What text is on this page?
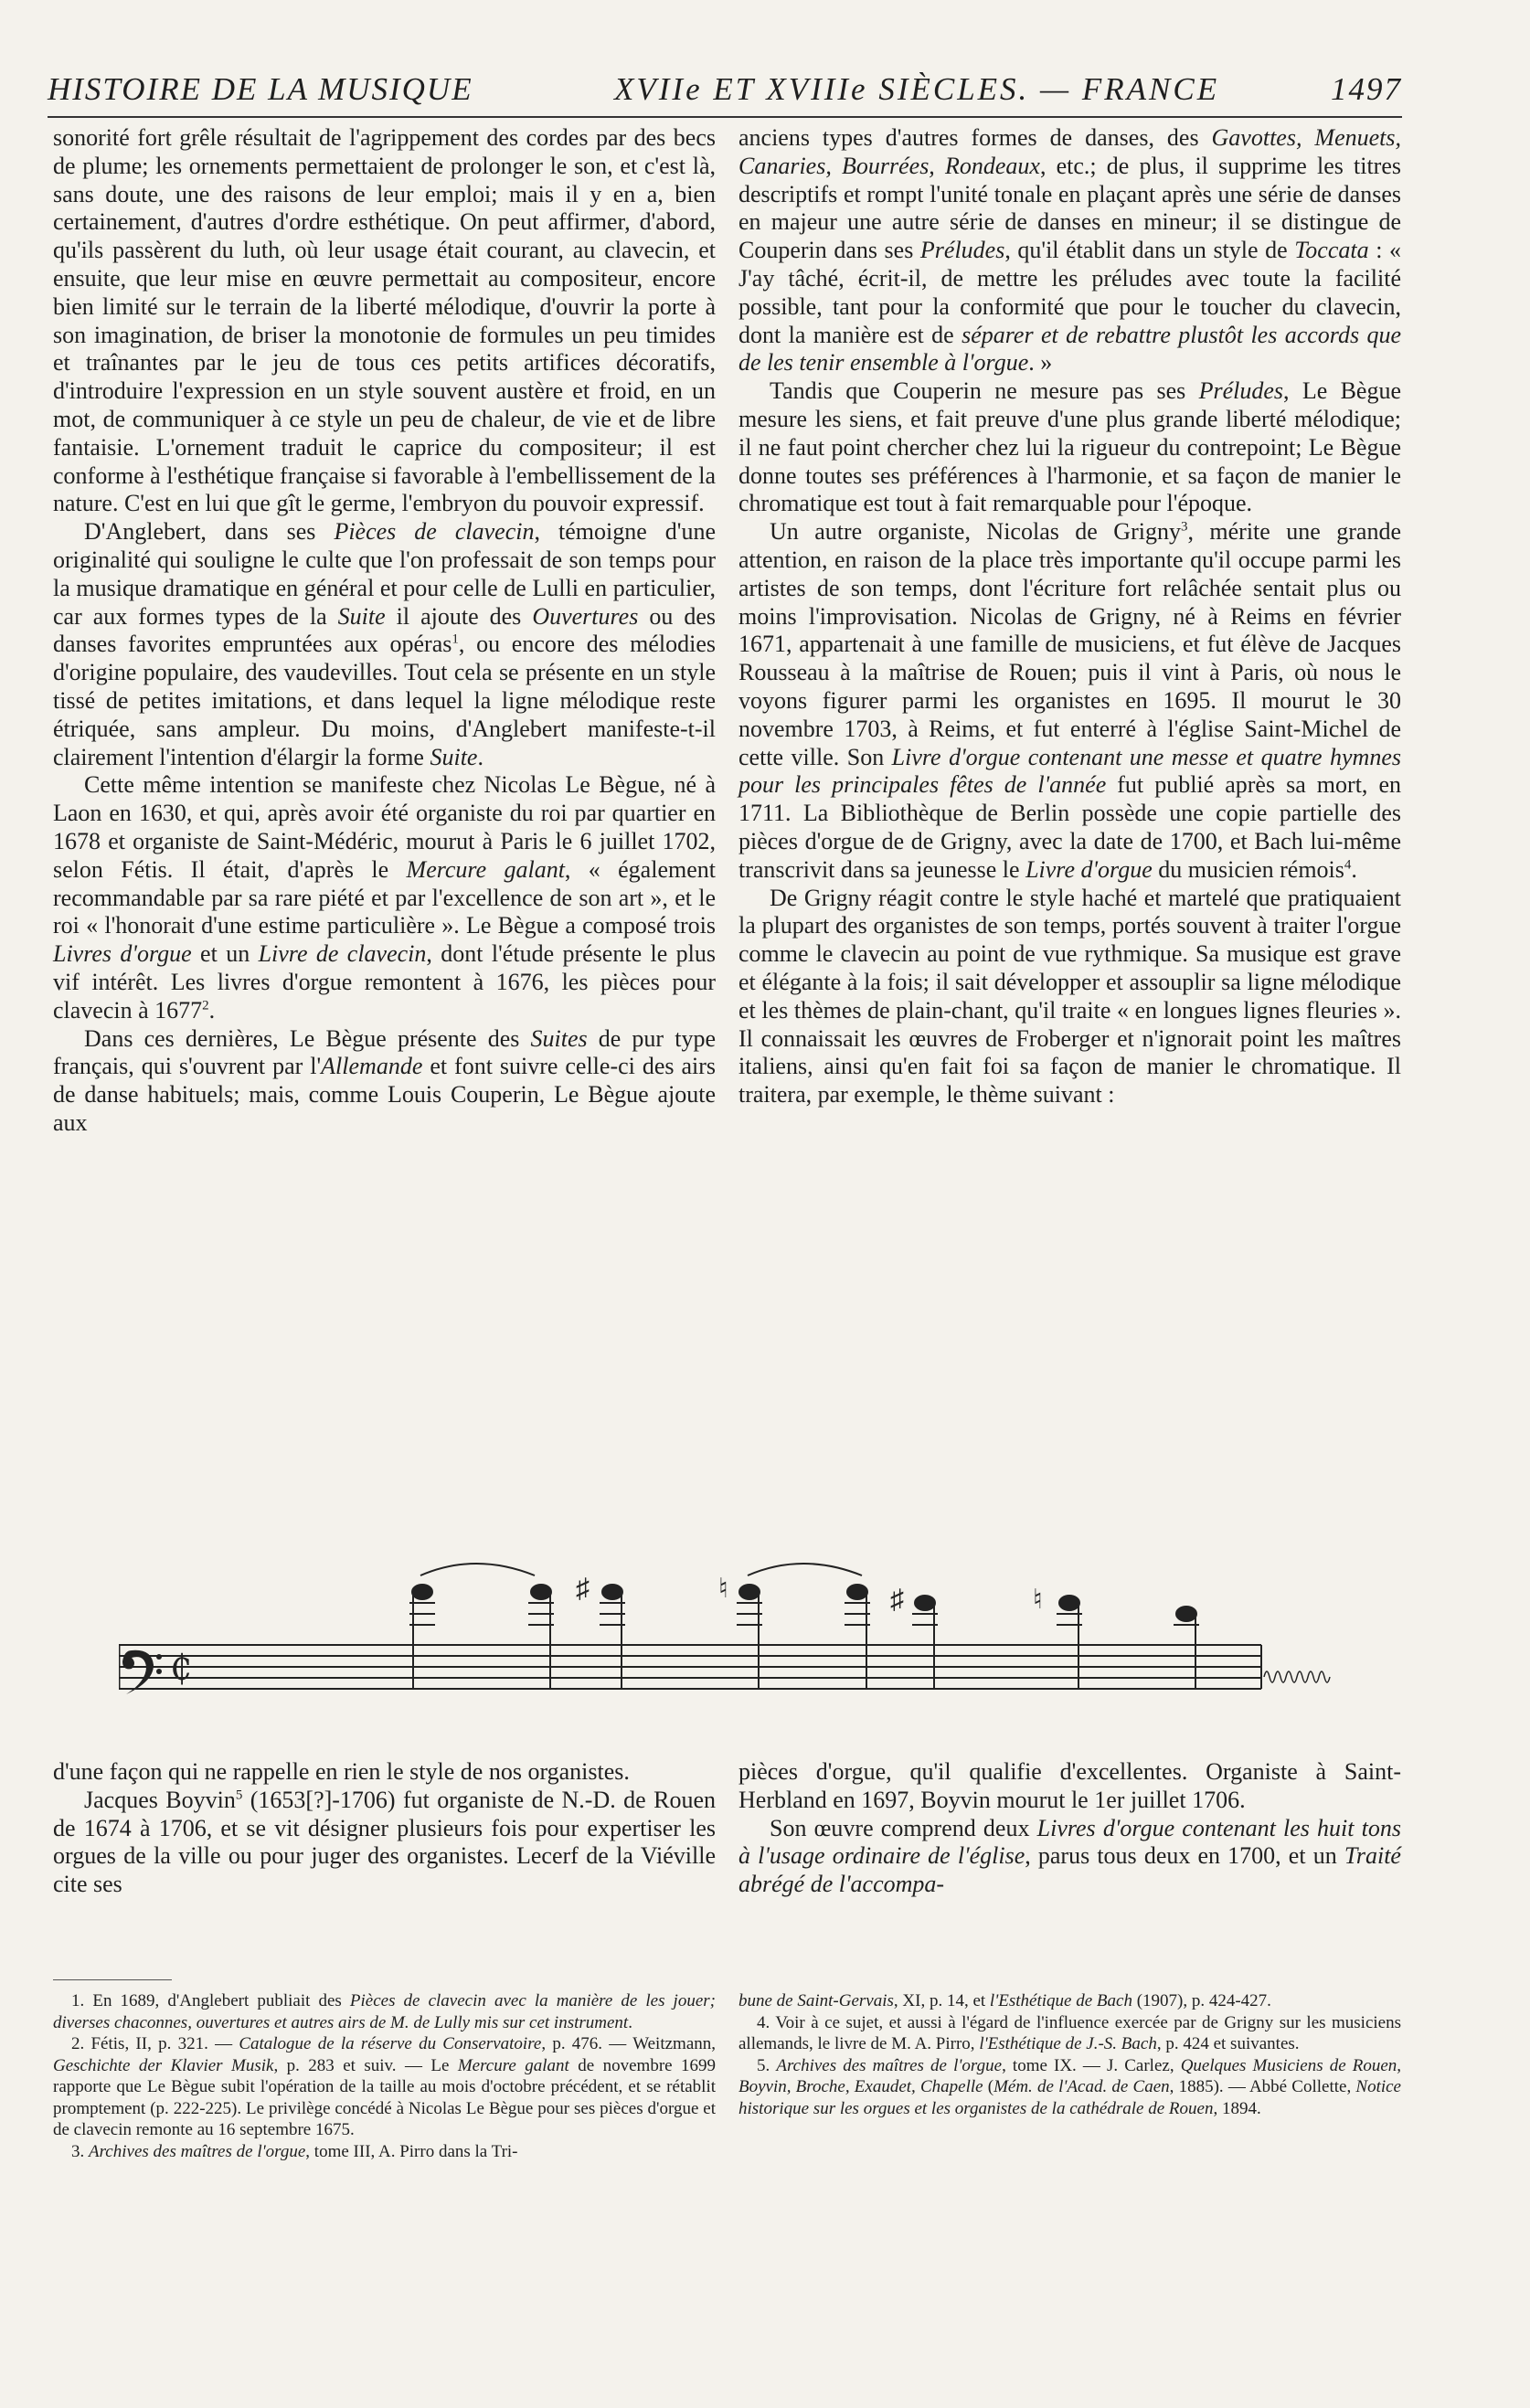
HISTOIRE DE LA MUSIQUE	XVIIe ET XVIIIe SIÈCLES. — FRANCE	1497

sonorité fort grêle résultait de l'agrippement des cordes par des becs de plume; les ornements permettaient de prolonger le son, et c'est là, sans doute, une des raisons de leur emploi; mais il y en a, bien certainement, d'autres d'ordre esthétique. On peut affirmer, d'abord, qu'ils passèrent du luth, où leur usage était courant, au clavecin, et ensuite, que leur mise en œuvre permettait au compositeur, encore bien limité sur le terrain de la liberté mélodique, d'ouvrir la porte à son imagination, de briser la monotonie de formules un peu timides et traînantes par le jeu de tous ces petits artifices décoratifs, d'introduire l'expression en un style souvent austère et froid, en un mot, de communiquer à ce style un peu de chaleur, de vie et de libre fantaisie. L'ornement traduit le caprice du compositeur; il est conforme à l'esthétique française si favorable à l'embellissement de la nature. C'est en lui que gît le germe, l'embryon du pouvoir expressif.

D'Anglebert, dans ses Pièces de clavecin, témoigne d'une originalité qui souligne le culte que l'on professait de son temps pour la musique dramatique en général et pour celle de Lulli en particulier, car aux formes types de la Suite il ajoute des Ouvertures ou des danses favorites empruntées aux opéras$^1$, ou encore des mélodies d'origine populaire, des vaudevilles. Tout cela se présente en un style tissé de petites imitations, et dans lequel la ligne mélodique reste étriquée, sans ampleur. Du moins, d'Anglebert manifeste-t-il clairement l'intention d'élargir la forme Suite.

Cette même intention se manifeste chez Nicolas Le Bègue, né à Laon en 1630, et qui, après avoir été organiste du roi par quartier en 1678 et organiste de Saint-Médéric, mourut à Paris le 6 juillet 1702, selon Fétis. Il était, d'après le Mercure galant, « également recommandable par sa rare piété et par l'excellence de son art », et le roi « l'honorait d'une estime particulière ». Le Bègue a composé trois Livres d'orgue et un Livre de clavecin, dont l'étude présente le plus vif intérêt. Les livres d'orgue remontent à 1676, les pièces pour clavecin à 1677$^2$.

Dans ces dernières, Le Bègue présente des Suites de pur type français, qui s'ouvrent par l'Allemande et font suivre celle-ci des airs de danse habituels; mais, comme Louis Couperin, Le Bègue ajoute aux

anciens types d'autres formes de danses, des Gavottes, Menuets, Canaries, Bourrées, Rondeaux, etc.; de plus, il supprime les titres descriptifs et rompt l'unité tonale en plaçant après une série de danses en majeur une autre série de danses en mineur; il se distingue de Couperin dans ses Préludes, qu'il établit dans un style de Toccata : « J'ay tâché, écrit-il, de mettre les préludes avec toute la facilité possible, tant pour la conformité que pour le toucher du clavecin, dont la manière est de séparer et de rebattre plustôt les accords que de les tenir ensemble à l'orgue. »

Tandis que Couperin ne mesure pas ses Préludes, Le Bègue mesure les siens, et fait preuve d'une plus grande liberté mélodique; il ne faut point chercher chez lui la rigueur du contrepoint; Le Bègue donne toutes ses préférences à l'harmonie, et sa façon de manier le chromatique est tout à fait remarquable pour l'époque.

Un autre organiste, Nicolas de Grigny$^3$, mérite une grande attention, en raison de la place très importante qu'il occupe parmi les artistes de son temps, dont l'écriture fort relâchée sentait plus ou moins l'improvisation. Nicolas de Grigny, né à Reims en février 1671, appartenait à une famille de musiciens, et fut élève de Jacques Rousseau à la maîtrise de Rouen; puis il vint à Paris, où nous le voyons figurer parmi les organistes en 1695. Il mourut le 30 novembre 1703, à Reims, et fut enterré à l'église Saint-Michel de cette ville. Son Livre d'orgue contenant une messe et quatre hymnes pour les principales fêtes de l'année fut publié après sa mort, en 1711. La Bibliothèque de Berlin possède une copie partielle des pièces d'orgue de de Grigny, avec la date de 1700, et Bach lui-même transcrivit dans sa jeunesse le Livre d'orgue du musicien rémois$^4$.

De Grigny réagit contre le style haché et martelé que pratiquaient la plupart des organistes de son temps, portés souvent à traiter l'orgue comme le clavecin au point de vue rythmique. Sa musique est grave et élégante à la fois; il sait développer et assouplir sa ligne mélodique et les thèmes de plain-chant, qu'il traite « en longues lignes fleuries ». Il connaissait les œuvres de Froberger et n'ignorait point les maîtres italiens, ainsi qu'en fait foi sa façon de manier le chromatique. Il traitera, par exemple, le thème suivant :

₵
♯	♮	♯	♮

d'une façon qui ne rappelle en rien le style de nos organistes.

Jacques Boyvin$^5$ (1653[?]-1706) fut organiste de N.-D. de Rouen de 1674 à 1706, et se vit désigner plusieurs fois pour expertiser les orgues de la ville ou pour juger des organistes. Lecerf de la Viéville cite ses

pièces d'orgue, qu'il qualifie d'excellentes. Organiste à Saint-Herbland en 1697, Boyvin mourut le 1er juillet 1706.

Son œuvre comprend deux Livres d'orgue contenant les huit tons à l'usage ordinaire de l'église, parus tous deux en 1700, et un Traité abrégé de l'accompa-

1. En 1689, d'Anglebert publiait des Pièces de clavecin avec la manière de les jouer; diverses chaconnes, ouvertures et autres airs de M. de Lully mis sur cet instrument.

2. Fétis, II, p. 321. — Catalogue de la réserve du Conservatoire, p. 476. — Weitzmann, Geschichte der Klavier Musik, p. 283 et suiv. — Le Mercure galant de novembre 1699 rapporte que Le Bègue subit l'opération de la taille au mois d'octobre précédent, et se rétablit promptement (p. 222-225). Le privilège concédé à Nicolas Le Bègue pour ses pièces d'orgue et de clavecin remonte au 16 septembre 1675.

3. Archives des maîtres de l'orgue, tome III, A. Pirro dans la Tri-

bune de Saint-Gervais, XI, p. 14, et l'Esthétique de Bach (1907), p. 424-427.

4. Voir à ce sujet, et aussi à l'égard de l'influence exercée par de Grigny sur les musiciens allemands, le livre de M. A. Pirro, l'Esthétique de J.-S. Bach, p. 424 et suivantes.

5. Archives des maîtres de l'orgue, tome IX. — J. Carlez, Quelques Musiciens de Rouen, Boyvin, Broche, Exaudet, Chapelle (Mém. de l'Acad. de Caen, 1885). — Abbé Collette, Notice historique sur les orgues et les organistes de la cathédrale de Rouen, 1894.
